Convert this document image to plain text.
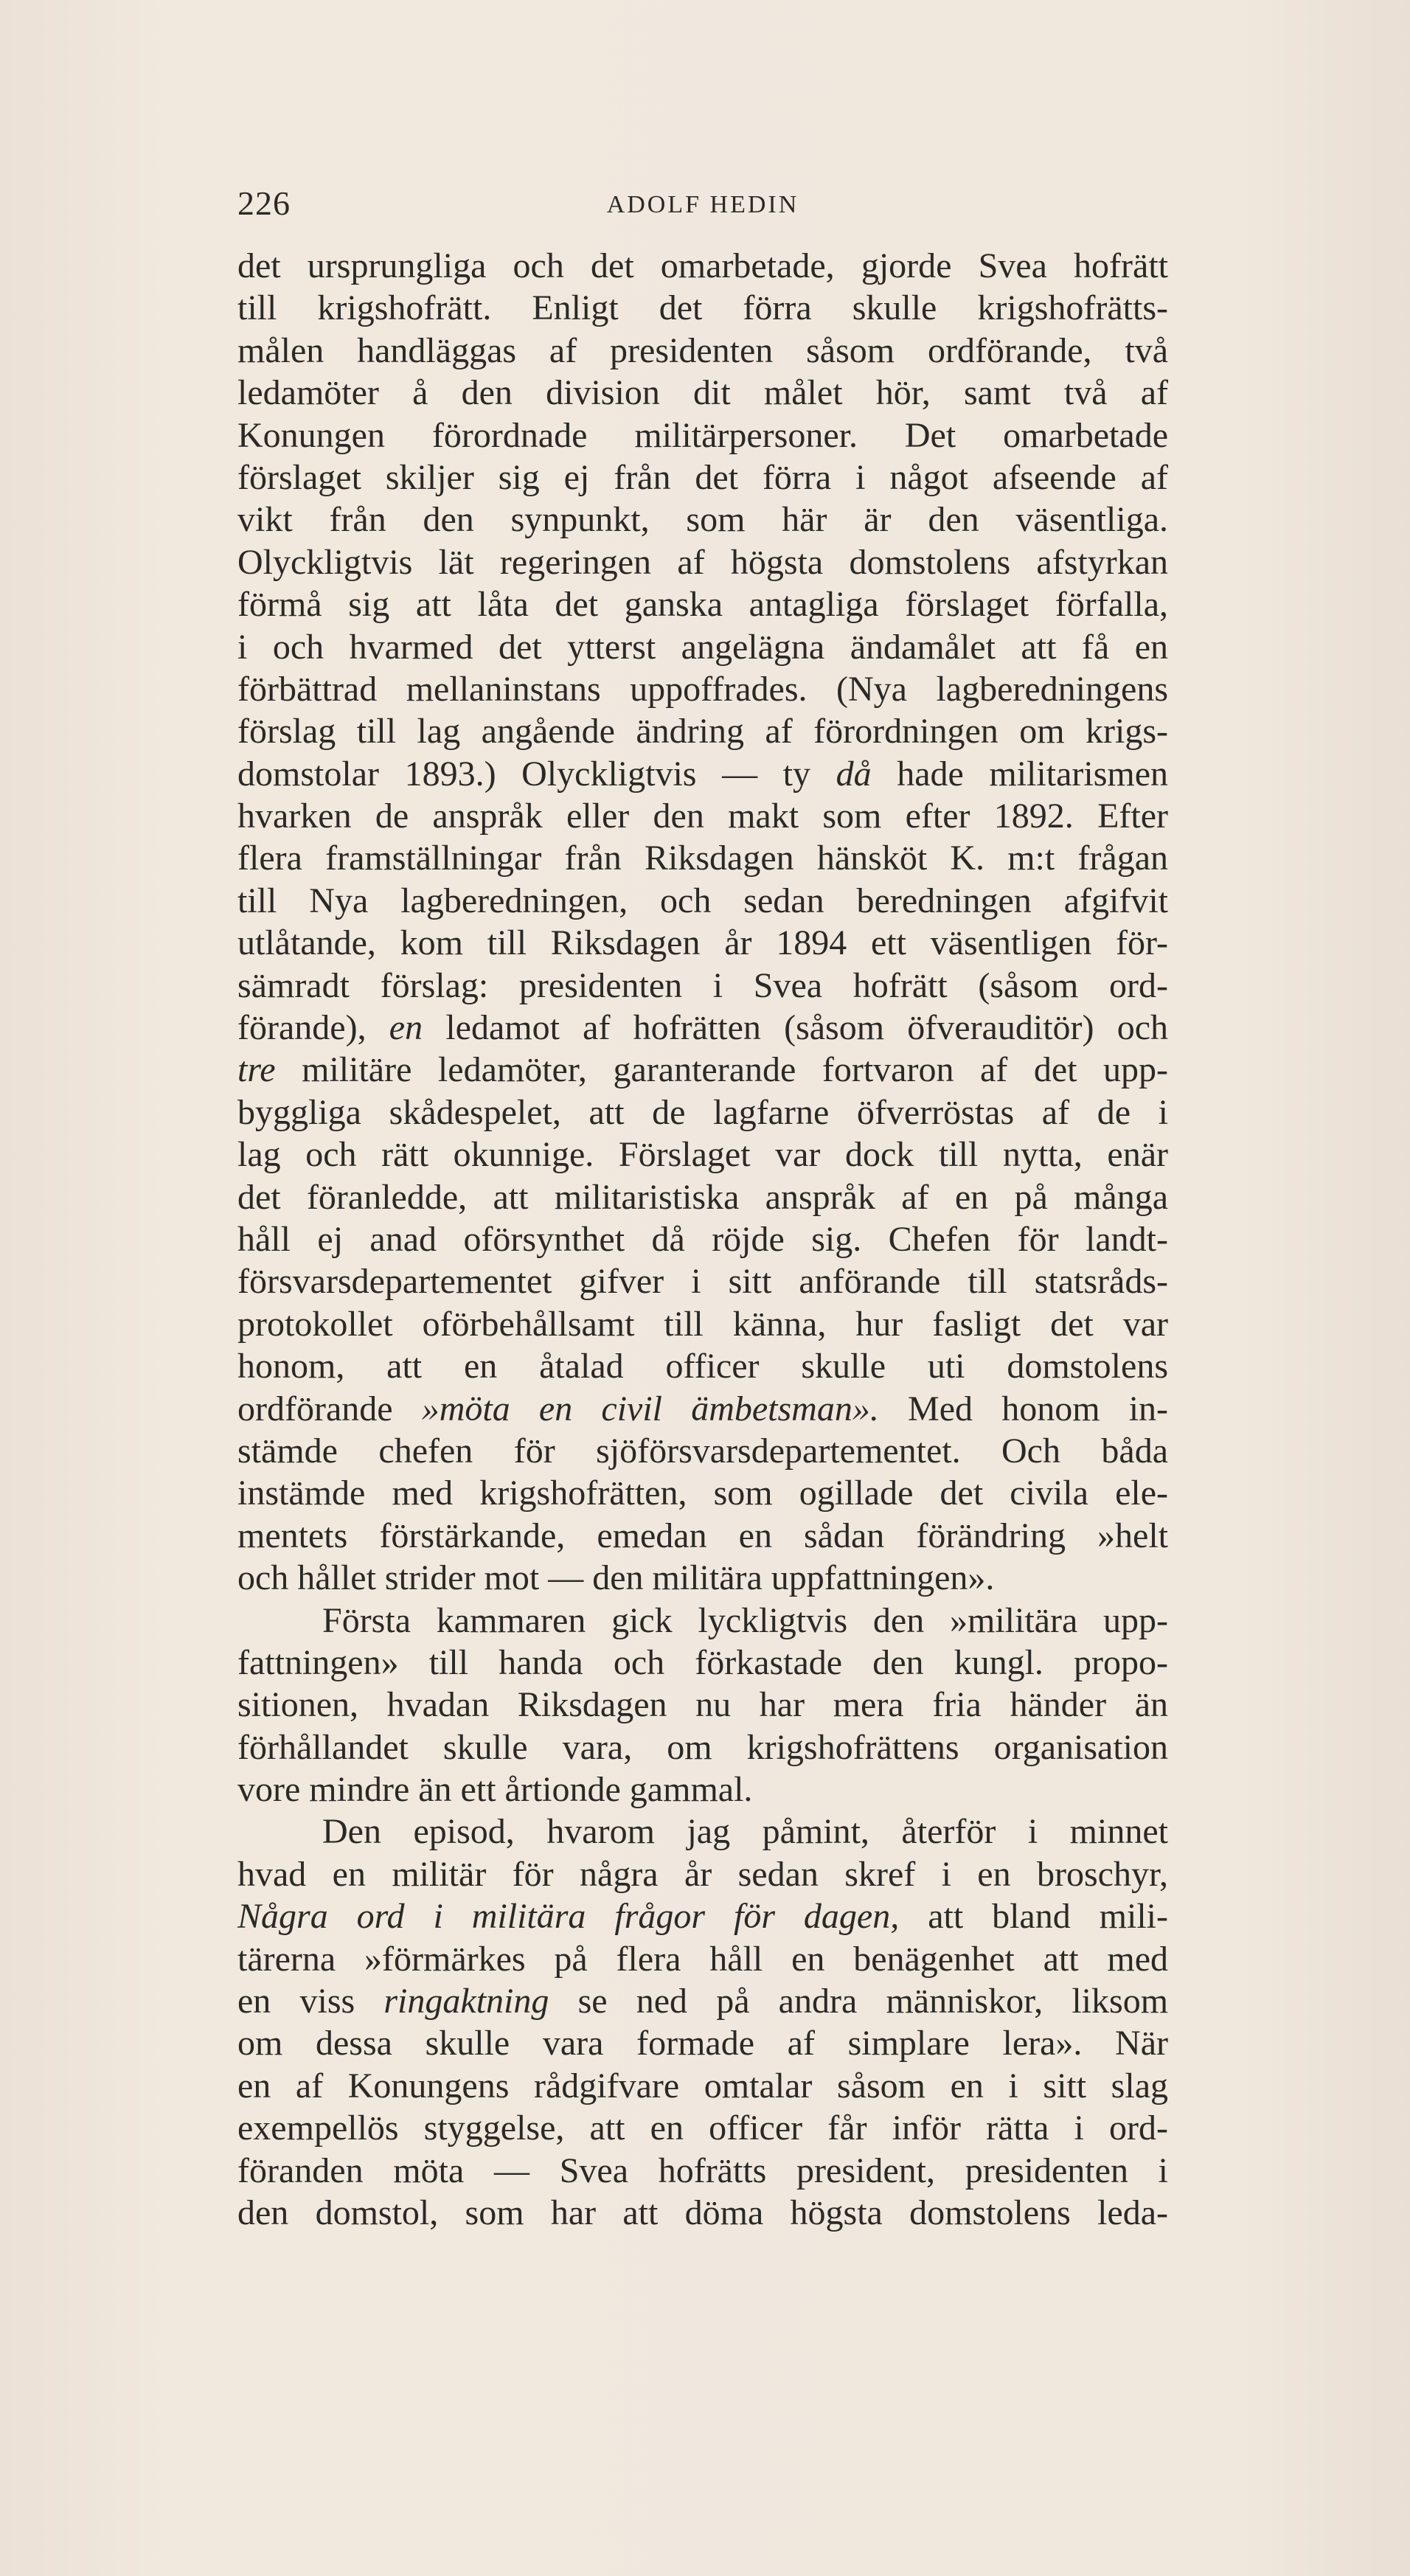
226	ADOLF HEDIN
det ursprungliga och det omarbetade, gjorde Svea hofrätt
till krigshofrätt. Enligt det förra skulle krigshofrätts-
målen handläggas af presidenten såsom ordförande, två
ledamöter å den division dit målet hör, samt två af
Konungen förordnade militärpersoner. Det omarbetade
förslaget skiljer sig ej från det förra i något afseende af
vikt från den synpunkt, som här är den väsentliga.
Olyckligtvis lät regeringen af högsta domstolens afstyrkan
förmå sig att låta det ganska antagliga förslaget förfalla,
i och hvarmed det ytterst angelägna ändamålet att få en
förbättrad mellaninstans uppoffrades. (Nya lagberedningens
förslag till lag angående ändring af förordningen om krigs-
domstolar 1893.) Olyckligtvis — ty då hade militarismen
hvarken de anspråk eller den makt som efter 1892. Efter
flera framställningar från Riksdagen hänsköt K. m:t frågan
till Nya lagberedningen, och sedan beredningen afgifvit
utlåtande, kom till Riksdagen år 1894 ett väsentligen för-
sämradt förslag: presidenten i Svea hofrätt (såsom ord-
förande), en ledamot af hofrätten (såsom öfverauditör) och
tre militäre ledamöter, garanterande fortvaron af det upp-
byggliga skådespelet, att de lagfarne öfverröstas af de i
lag och rätt okunnige. Förslaget var dock till nytta, enär
det föranledde, att militaristiska anspråk af en på många
håll ej anad oförsynthet då röjde sig. Chefen för landt-
försvarsdepartementet gifver i sitt anförande till statsråds-
protokollet oförbehållsamt till känna, hur fasligt det var
honom, att en åtalad officer skulle uti domstolens
ordförande »möta en civil ämbetsman». Med honom in-
stämde chefen för sjöförsvarsdepartementet. Och båda
instämde med krigshofrätten, som ogillade det civila ele-
mentets förstärkande, emedan en sådan förändring »helt
och hållet strider mot — den militära uppfattningen».
Första kammaren gick lyckligtvis den »militära upp-
fattningen» till handa och förkastade den kungl. propo-
sitionen, hvadan Riksdagen nu har mera fria händer än
förhållandet skulle vara, om krigshofrättens organisation
vore mindre än ett årtionde gammal.
Den episod, hvarom jag påmint, återför i minnet
hvad en militär för några år sedan skref i en broschyr,
Några ord i militära frågor för dagen, att bland mili-
tärerna »förmärkes på flera håll en benägenhet att med
en viss ringaktning se ned på andra människor, liksom
om dessa skulle vara formade af simplare lera». När
en af Konungens rådgifvare omtalar såsom en i sitt slag
exempellös styggelse, att en officer får inför rätta i ord-
föranden möta — Svea hofrätts president, presidenten i
den domstol, som har att döma högsta domstolens leda-
